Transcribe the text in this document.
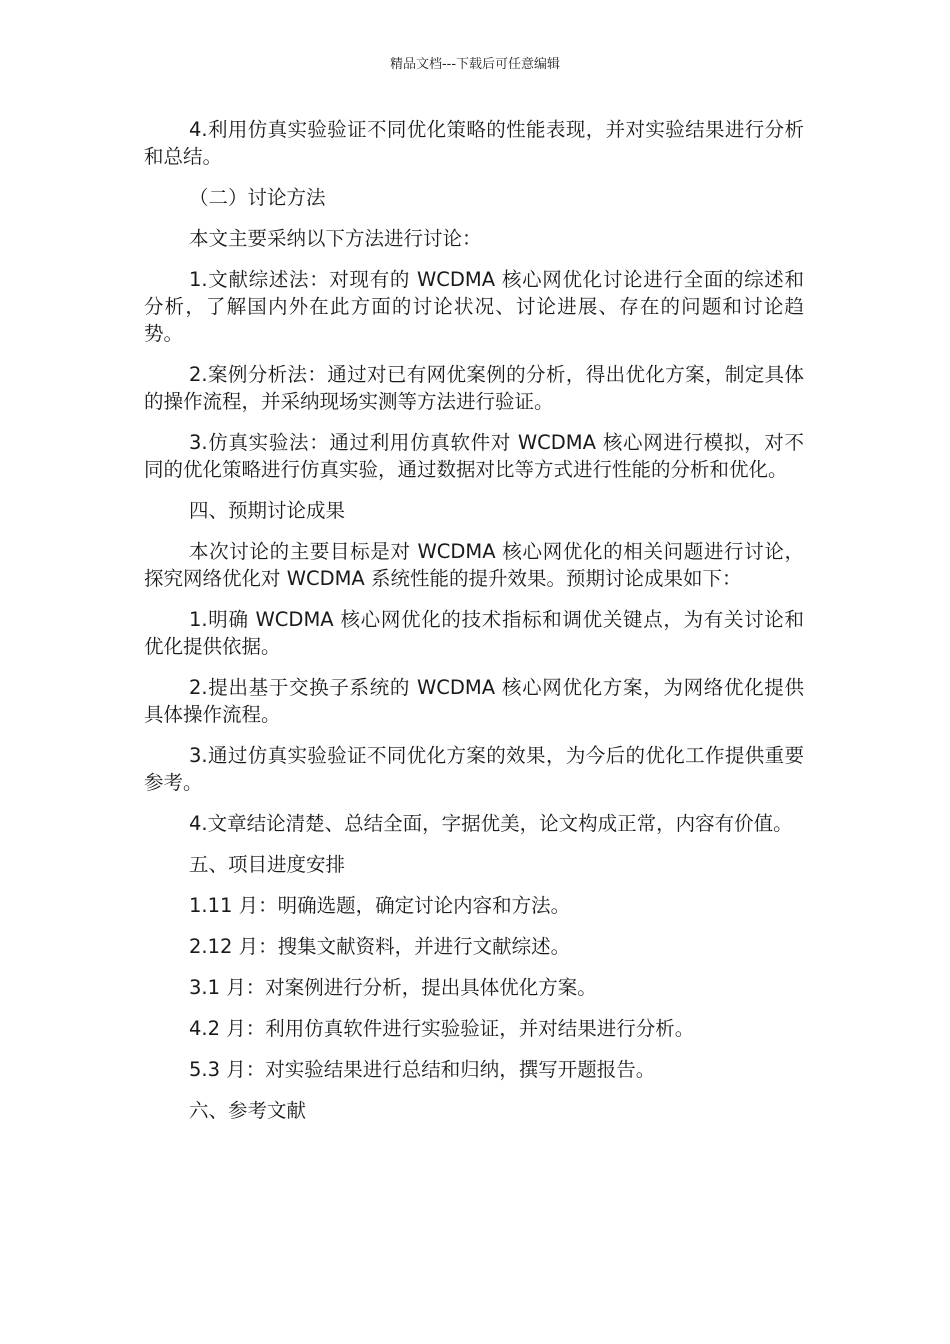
精品文档---下载后可任意编辑

4.利用仿真实验验证不同优化策略的性能表现，并对实验结果进行分析和总结。

（二）讨论方法

本文主要采纳以下方法进行讨论：

1.文献综述法：对现有的 WCDMA 核心网优化讨论进行全面的综述和分析，了解国内外在此方面的讨论状况、讨论进展、存在的问题和讨论趋势。

2.案例分析法：通过对已有网优案例的分析，得出优化方案，制定具体的操作流程，并采纳现场实测等方法进行验证。

3.仿真实验法：通过利用仿真软件对 WCDMA 核心网进行模拟，对不同的优化策略进行仿真实验，通过数据对比等方式进行性能的分析和优化。

四、预期讨论成果

本次讨论的主要目标是对 WCDMA 核心网优化的相关问题进行讨论，探究网络优化对 WCDMA 系统性能的提升效果。预期讨论成果如下：

1.明确 WCDMA 核心网优化的技术指标和调优关键点，为有关讨论和优化提供依据。

2.提出基于交换子系统的 WCDMA 核心网优化方案，为网络优化提供具体操作流程。

3.通过仿真实验验证不同优化方案的效果，为今后的优化工作提供重要参考。

4.文章结论清楚、总结全面，字据优美，论文构成正常，内容有价值。

五、项目进度安排

1.11 月：明确选题，确定讨论内容和方法。

2.12 月：搜集文献资料，并进行文献综述。

3.1 月：对案例进行分析，提出具体优化方案。

4.2 月：利用仿真软件进行实验验证，并对结果进行分析。

5.3 月：对实验结果进行总结和归纳，撰写开题报告。

六、参考文献
